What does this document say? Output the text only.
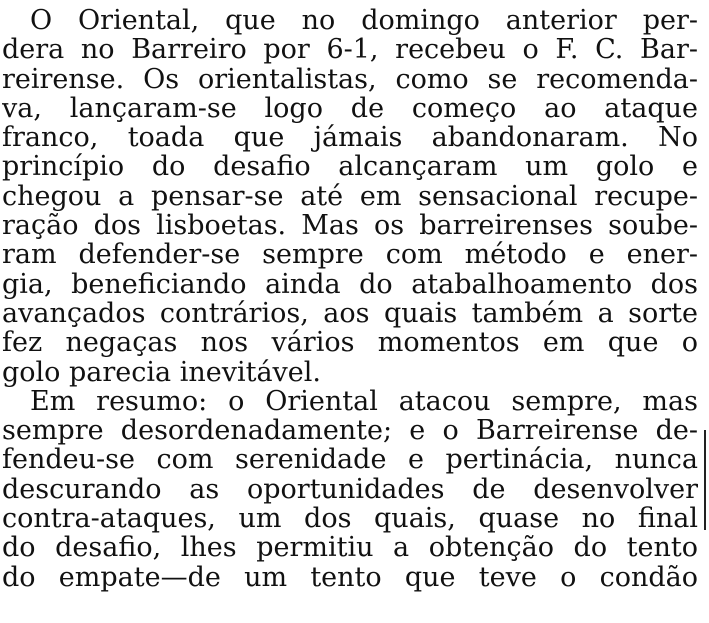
O Oriental, que no domingo anterior per-
dera no Barreiro por 6-1, recebeu o F. C. Bar-
reirense. Os orientalistas, como se recomenda-
va, lançaram-se logo de começo ao ataque
franco, toada que jámais abandonaram. No
princípio do desafio alcançaram um golo e
chegou a pensar-se até em sensacional recupe-
ração dos lisboetas. Mas os barreirenses soube-
ram defender-se sempre com método e ener-
gia, beneficiando ainda do atabalhoamento dos
avançados contrários, aos quais também a sorte
fez negaças nos vários momentos em que o
golo parecia inevitável.
Em resumo: o Oriental atacou sempre, mas
sempre desordenadamente; e o Barreirense de-
fendeu-se com serenidade e pertinácia, nunca
descurando as oportunidades de desenvolver
contra-ataques, um dos quais, quase no final
do desafio, lhes permitiu a obtenção do tento
do empate—de um tento que teve o condão
